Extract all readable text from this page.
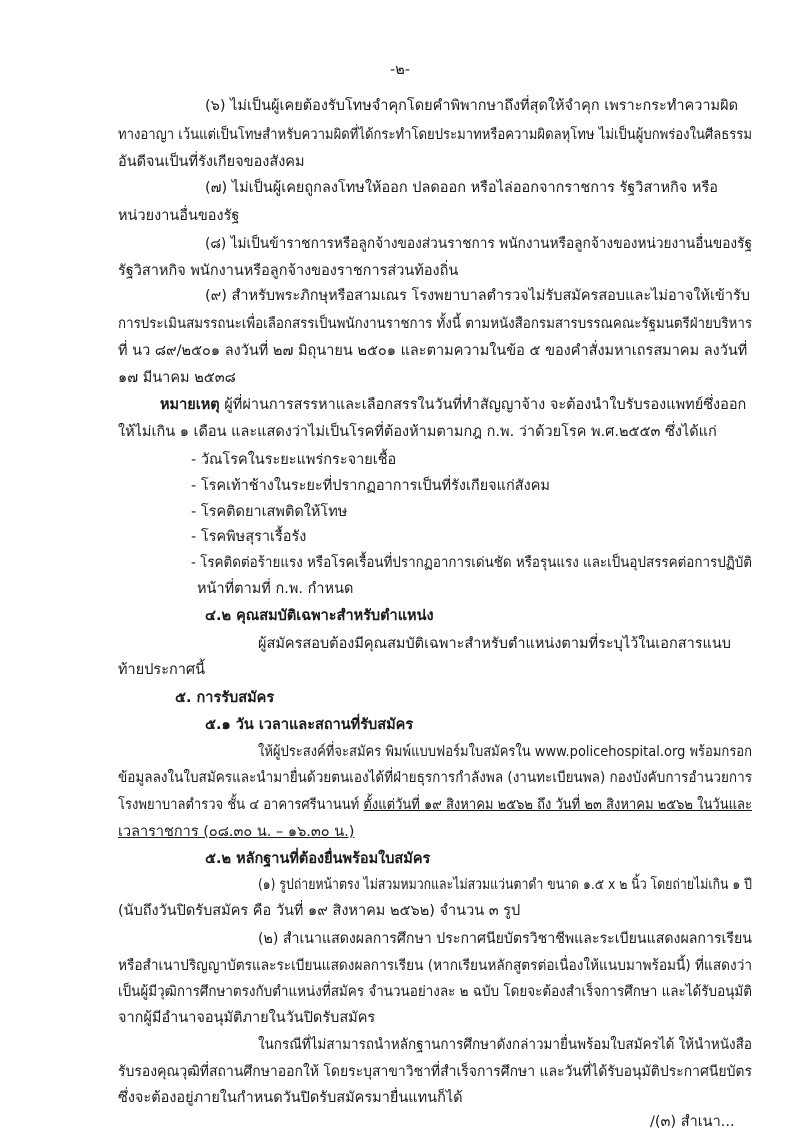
-๒-
(๖) ไม่เป็นผู้เคยต้องรับโทษจำคุกโดยคำพิพากษาถึงที่สุดให้จำคุก เพราะกระทำความผิด
ทางอาญา เว้นแต่เป็นโทษสำหรับความผิดที่ได้กระทำโดยประมาทหรือความผิดลหุโทษ ไม่เป็นผู้บกพร่องในศีลธรรม
อันดีจนเป็นที่รังเกียจของสังคม
(๗) ไม่เป็นผู้เคยถูกลงโทษให้ออก ปลดออก หรือไล่ออกจากราชการ รัฐวิสาหกิจ หรือ
หน่วยงานอื่นของรัฐ
(๘) ไม่เป็นข้าราชการหรือลูกจ้างของส่วนราชการ พนักงานหรือลูกจ้างของหน่วยงานอื่นของรัฐ
รัฐวิสาหกิจ พนักงานหรือลูกจ้างของราชการส่วนท้องถิ่น
(๙) สำหรับพระภิกษุหรือสามเณร โรงพยาบาลตำรวจไม่รับสมัครสอบและไม่อาจให้เข้ารับ
การประเมินสมรรถนะเพื่อเลือกสรรเป็นพนักงานราชการ ทั้งนี้ ตามหนังสือกรมสารบรรณคณะรัฐมนตรีฝ่ายบริหาร
ที่ นว ๘๙/๒๕๐๑ ลงวันที่ ๒๗ มิถุนายน ๒๕๐๑ และตามความในข้อ ๕ ของคำสั่งมหาเถรสมาคม ลงวันที่
๑๗ มีนาคม ๒๕๓๘
หมายเหตุ ผู้ที่ผ่านการสรรหาและเลือกสรรในวันที่ทำสัญญาจ้าง จะต้องนำใบรับรองแพทย์ซึ่งออก
ให้ไม่เกิน ๑ เดือน และแสดงว่าไม่เป็นโรคที่ต้องห้ามตามกฎ ก.พ. ว่าด้วยโรค พ.ศ.๒๕๕๓ ซึ่งได้แก่
- วัณโรคในระยะแพร่กระจายเชื้อ
- โรคเท้าช้างในระยะที่ปรากฏอาการเป็นที่รังเกียจแก่สังคม
- โรคติดยาเสพติดให้โทษ
- โรคพิษสุราเรื้อรัง
- โรคติดต่อร้ายแรง หรือโรคเรื้อนที่ปรากฏอาการเด่นชัด หรือรุนแรง และเป็นอุปสรรคต่อการปฏิบัติ
หน้าที่ตามที่ ก.พ. กำหนด
๔.๒ คุณสมบัติเฉพาะสำหรับตำแหน่ง
ผู้สมัครสอบต้องมีคุณสมบัติเฉพาะสำหรับตำแหน่งตามที่ระบุไว้ในเอกสารแนบ
ท้ายประกาศนี้
๕. การรับสมัคร
๕.๑ วัน เวลาและสถานที่รับสมัคร
ให้ผู้ประสงค์ที่จะสมัคร พิมพ์แบบฟอร์มใบสมัครใน www.policehospital.org พร้อมกรอก
ข้อมูลลงในใบสมัครและนำมายื่นด้วยตนเองได้ที่ฝ่ายธุรการกำลังพล (งานทะเบียนพล) กองบังคับการอำนวยการ
โรงพยาบาลตำรวจ ชั้น ๔ อาคารศรีนานนท์ ตั้งแต่วันที่ ๑๙ สิงหาคม ๒๕๖๒ ถึง วันที่ ๒๓ สิงหาคม ๒๕๖๒ ในวันและ
เวลาราชการ (๐๘.๓๐ น. – ๑๖.๓๐ น.)
๕.๒ หลักฐานที่ต้องยื่นพร้อมใบสมัคร
(๑) รูปถ่ายหน้าตรง ไม่สวมหมวกและไม่สวมแว่นตาดำ ขนาด ๑.๕ x ๒ นิ้ว โดยถ่ายไม่เกิน ๑ ปี
(นับถึงวันปิดรับสมัคร คือ วันที่ ๑๙ สิงหาคม ๒๕๖๒) จำนวน ๓ รูป
(๒) สำเนาแสดงผลการศึกษา ประกาศนียบัตรวิชาชีพและระเบียนแสดงผลการเรียน
หรือสำเนาปริญญาบัตรและระเบียนแสดงผลการเรียน (หากเรียนหลักสูตรต่อเนื่องให้แนบมาพร้อมนี้) ที่แสดงว่า
เป็นผู้มีวุฒิการศึกษาตรงกับตำแหน่งที่สมัคร จำนวนอย่างละ ๒ ฉบับ โดยจะต้องสำเร็จการศึกษา และได้รับอนุมัติ
จากผู้มีอำนาจอนุมัติภายในวันปิดรับสมัคร
ในกรณีที่ไม่สามารถนำหลักฐานการศึกษาดังกล่าวมายื่นพร้อมใบสมัครได้ ให้นำหนังสือ
รับรองคุณวุฒิที่สถานศึกษาออกให้ โดยระบุสาขาวิชาที่สำเร็จการศึกษา และวันที่ได้รับอนุมัติประกาศนียบัตร
ซึ่งจะต้องอยู่ภายในกำหนดวันปิดรับสมัครมายื่นแทนก็ได้
/(๓) สำเนา...
